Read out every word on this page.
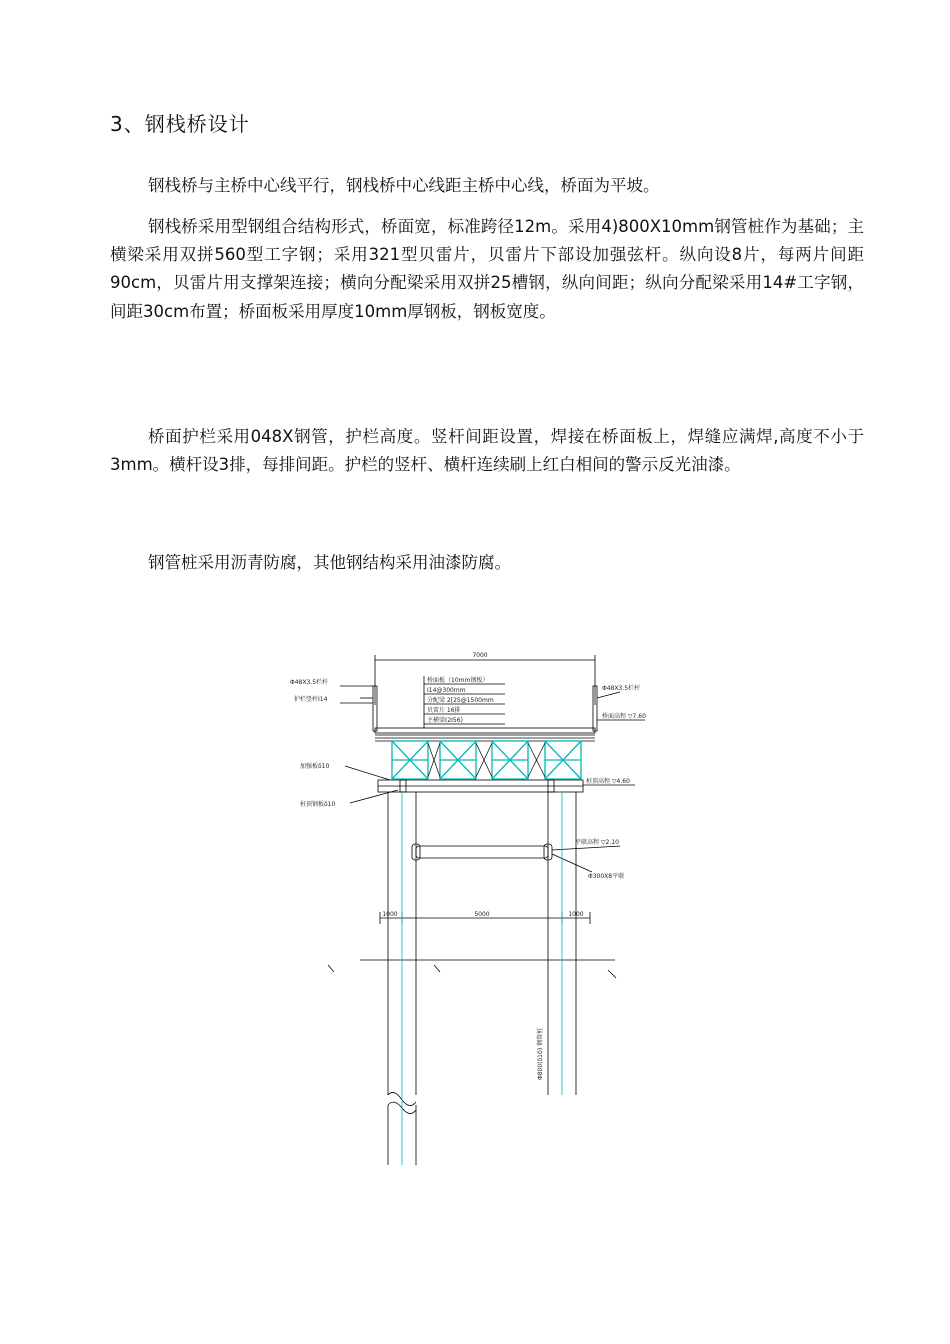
3、钢栈桥设计
钢栈桥与主桥中心线平行，钢栈桥中心线距主桥中心线，桥面为平坡。
钢栈桥采用型钢组合结构形式，桥面宽，标准跨径12m。采用4)800X10mm钢管桩作为基础；主横梁采用双拼560型工字钢；采用321型贝雷片，贝雷片下部设加强弦杆。纵向设8片，每两片间距90cm，贝雷片用支撑架连接；横向分配梁采用双拼25槽钢，纵向间距；纵向分配梁采用14#工字钢，间距30cm布置；桥面板采用厚度10mm厚钢板，钢板宽度。
桥面护栏采用048X钢管，护栏高度。竖杆间距设置，焊接在桥面板上，焊缝应满焊,高度不小于3mm。横杆设3排，每排间距。护栏的竖杆、横杆连续刷上红白相间的警示反光油漆。
钢管桩采用沥青防腐，其他钢结构采用油漆防腐。
7000
Φ48X3.5栏杆
护栏竖杆I14
加强板δ10
桩顶钢板δ10
桥面板（10mm钢板）
I14@300mm
分配梁 2[25@1500mm
贝雷片 16排
主横梁(2I56)
Φ48X3.5栏杆
桥面高程 ▽7.60
桩顶高程 ▽4.60
平联高程 ▽2.10
Φ300X8平联
1000	5000	1000
Φ800(δ10) 钢管桩
